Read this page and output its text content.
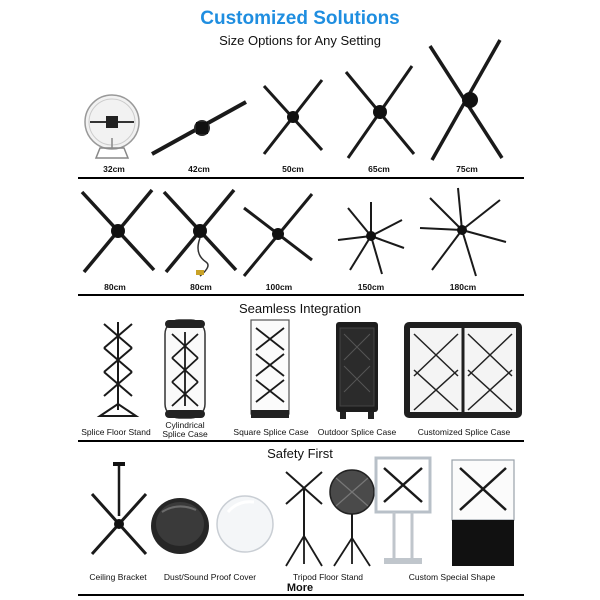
Customized Solutions
Size Options for Any Setting
32cm	42cm	50cm	65cm	75cm
80cm	80cm	100cm	150cm	180cm
Seamless Integration
Splice Floor Stand
Cylindrical
Splice Case	Square Splice Case	Outdoor Splice Case	Customized Splice Case
Safety First
Ceiling Bracket	Dust/Sound Proof Cover	Tripod Floor Stand	Custom Special Shape
More
